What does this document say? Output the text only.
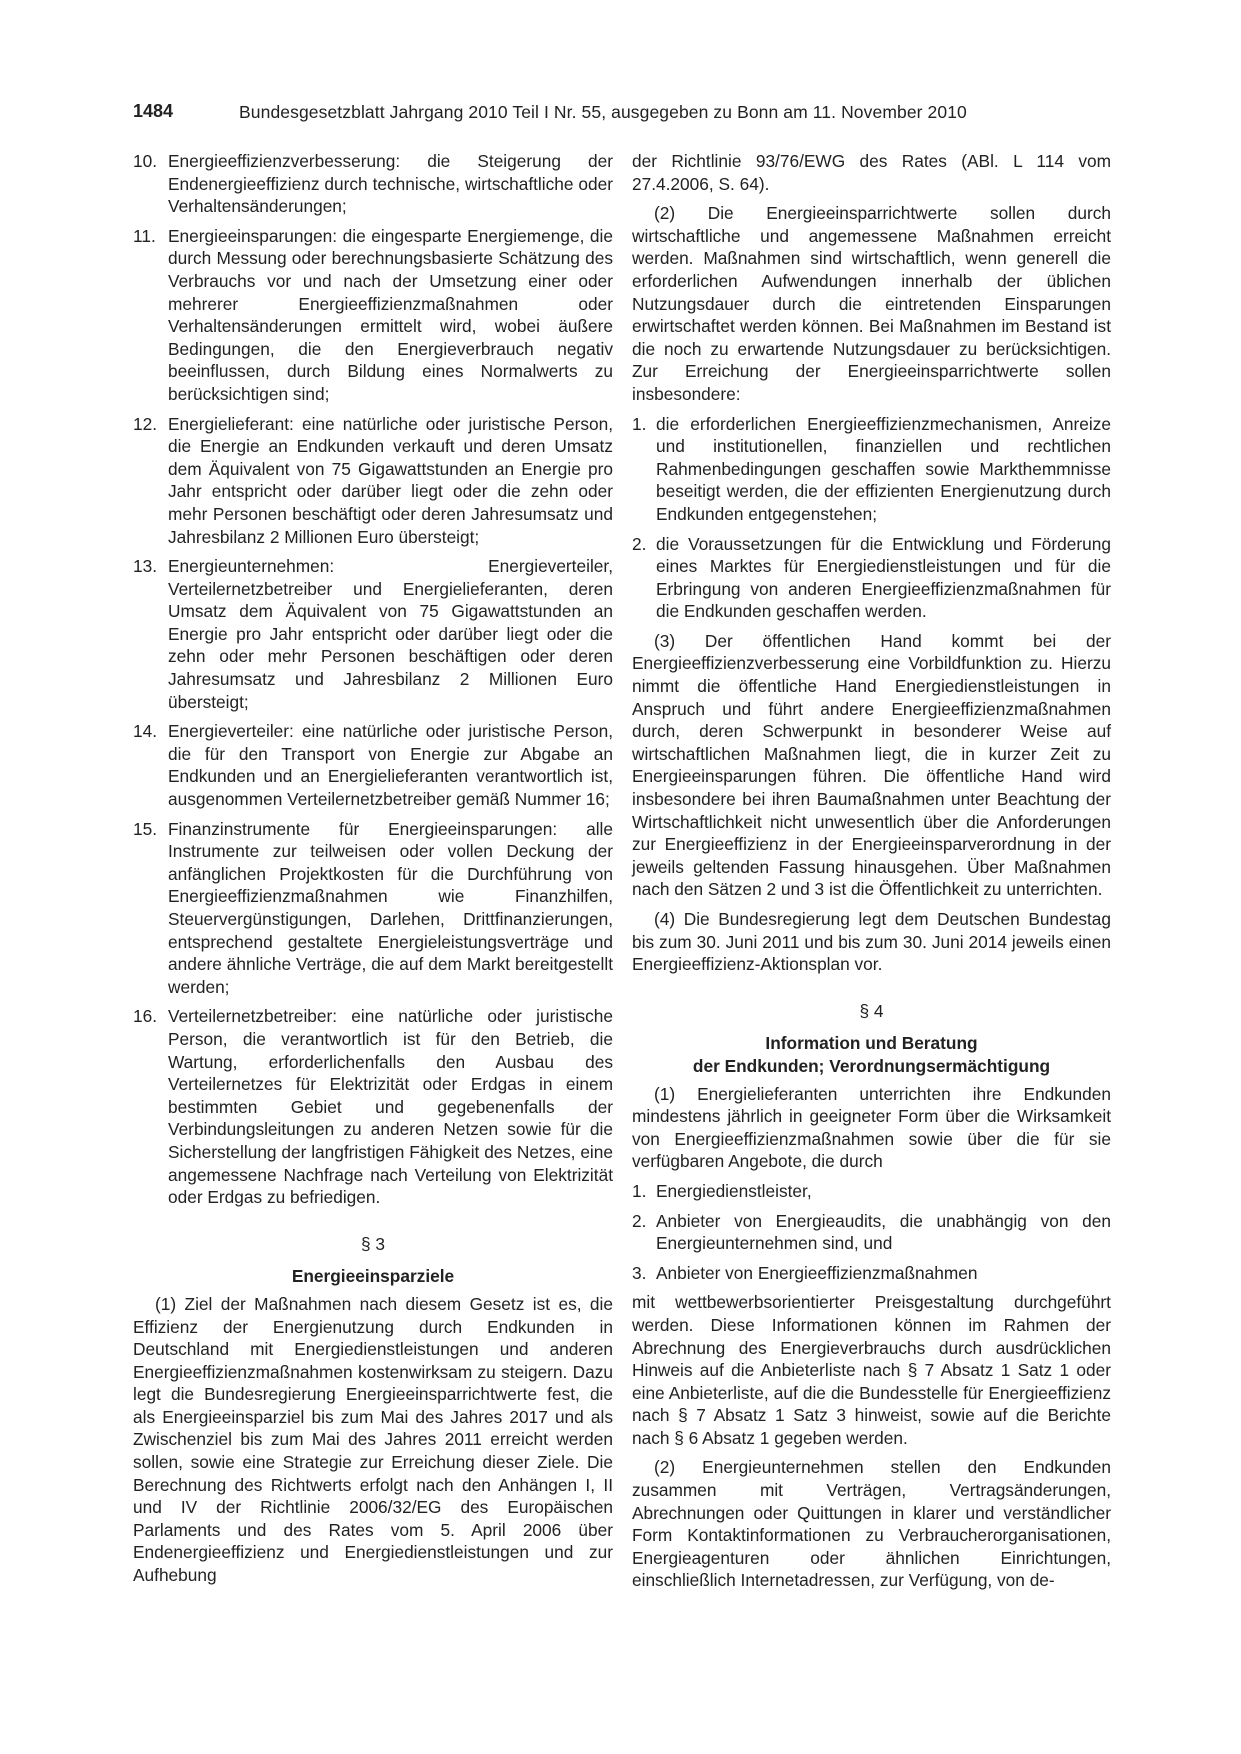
1484	Bundesgesetzblatt Jahrgang 2010 Teil I Nr. 55, ausgegeben zu Bonn am 11. November 2010
10. Energieeffizienzverbesserung: die Steigerung der Endenergieeffizienz durch technische, wirtschaftliche oder Verhaltensänderungen;
11. Energieeinsparungen: die eingesparte Energiemenge, die durch Messung oder berechnungsbasierte Schätzung des Verbrauchs vor und nach der Umsetzung einer oder mehrerer Energieeffizienzmaßnahmen oder Verhaltensänderungen ermittelt wird, wobei äußere Bedingungen, die den Energieverbrauch negativ beeinflussen, durch Bildung eines Normalwerts zu berücksichtigen sind;
12. Energielieferant: eine natürliche oder juristische Person, die Energie an Endkunden verkauft und deren Umsatz dem Äquivalent von 75 Gigawattstunden an Energie pro Jahr entspricht oder darüber liegt oder die zehn oder mehr Personen beschäftigt oder deren Jahresumsatz und Jahresbilanz 2 Millionen Euro übersteigt;
13. Energieunternehmen: Energieverteiler, Verteilernetzbetreiber und Energielieferanten, deren Umsatz dem Äquivalent von 75 Gigawattstunden an Energie pro Jahr entspricht oder darüber liegt oder die zehn oder mehr Personen beschäftigen oder deren Jahresumsatz und Jahresbilanz 2 Millionen Euro übersteigt;
14. Energieverteiler: eine natürliche oder juristische Person, die für den Transport von Energie zur Abgabe an Endkunden und an Energielieferanten verantwortlich ist, ausgenommen Verteilernetzbetreiber gemäß Nummer 16;
15. Finanzinstrumente für Energieeinsparungen: alle Instrumente zur teilweisen oder vollen Deckung der anfänglichen Projektkosten für die Durchführung von Energieeffizienzmaßnahmen wie Finanzhilfen, Steuervergünstigungen, Darlehen, Drittfinanzierungen, entsprechend gestaltete Energieleistungsverträge und andere ähnliche Verträge, die auf dem Markt bereitgestellt werden;
16. Verteilernetzbetreiber: eine natürliche oder juristische Person, die verantwortlich ist für den Betrieb, die Wartung, erforderlichenfalls den Ausbau des Verteilernetzes für Elektrizität oder Erdgas in einem bestimmten Gebiet und gegebenenfalls der Verbindungsleitungen zu anderen Netzen sowie für die Sicherstellung der langfristigen Fähigkeit des Netzes, eine angemessene Nachfrage nach Verteilung von Elektrizität oder Erdgas zu befriedigen.
§ 3
Energieeinsparziele

(1) Ziel der Maßnahmen nach diesem Gesetz ist es, die Effizienz der Energienutzung durch Endkunden in Deutschland mit Energiedienstleistungen und anderen Energieeffizienzmaßnahmen kostenwirksam zu steigern. Dazu legt die Bundesregierung Energieeinsparrichtwerte fest, die als Energieeinsparziel bis zum Mai des Jahres 2017 und als Zwischenziel bis zum Mai des Jahres 2011 erreicht werden sollen, sowie eine Strategie zur Erreichung dieser Ziele. Die Berechnung des Richtwerts erfolgt nach den Anhängen I, II und IV der Richtlinie 2006/32/EG des Europäischen Parlaments und des Rates vom 5. April 2006 über Endenergieeffizienz und Energiedienstleistungen und zur Aufhebung

der Richtlinie 93/76/EWG des Rates (ABl. L 114 vom 27.4.2006, S. 64).

(2) Die Energieeinsparrichtwerte sollen durch wirtschaftliche und angemessene Maßnahmen erreicht werden. Maßnahmen sind wirtschaftlich, wenn generell die erforderlichen Aufwendungen innerhalb der üblichen Nutzungsdauer durch die eintretenden Einsparungen erwirtschaftet werden können. Bei Maßnahmen im Bestand ist die noch zu erwartende Nutzungsdauer zu berücksichtigen. Zur Erreichung der Energieeinsparrichtwerte sollen insbesondere:

1. die erforderlichen Energieeffizienzmechanismen, Anreize und institutionellen, finanziellen und rechtlichen Rahmenbedingungen geschaffen sowie Markthemmnisse beseitigt werden, die der effizienten Energienutzung durch Endkunden entgegenstehen;
2. die Voraussetzungen für die Entwicklung und Förderung eines Marktes für Energiedienstleistungen und für die Erbringung von anderen Energieeffizienzmaßnahmen für die Endkunden geschaffen werden.

(3) Der öffentlichen Hand kommt bei der Energieeffizienzverbesserung eine Vorbildfunktion zu. Hierzu nimmt die öffentliche Hand Energiedienstleistungen in Anspruch und führt andere Energieeffizienzmaßnahmen durch, deren Schwerpunkt in besonderer Weise auf wirtschaftlichen Maßnahmen liegt, die in kurzer Zeit zu Energieeinsparungen führen. Die öffentliche Hand wird insbesondere bei ihren Baumaßnahmen unter Beachtung der Wirtschaftlichkeit nicht unwesentlich über die Anforderungen zur Energieeffizienz in der Energieeinsparverordnung in der jeweils geltenden Fassung hinausgehen. Über Maßnahmen nach den Sätzen 2 und 3 ist die Öffentlichkeit zu unterrichten.

(4) Die Bundesregierung legt dem Deutschen Bundestag bis zum 30. Juni 2011 und bis zum 30. Juni 2014 jeweils einen Energieeffizienz-Aktionsplan vor.

§ 4
Information und Beratung
der Endkunden; Verordnungsermächtigung

(1) Energielieferanten unterrichten ihre Endkunden mindestens jährlich in geeigneter Form über die Wirksamkeit von Energieeffizienzmaßnahmen sowie über die für sie verfügbaren Angebote, die durch

1. Energiedienstleister,
2. Anbieter von Energieaudits, die unabhängig von den Energieunternehmen sind, und
3. Anbieter von Energieeffizienzmaßnahmen

mit wettbewerbsorientierter Preisgestaltung durchgeführt werden. Diese Informationen können im Rahmen der Abrechnung des Energieverbrauchs durch ausdrücklichen Hinweis auf die Anbieterliste nach § 7 Absatz 1 Satz 1 oder eine Anbieterliste, auf die die Bundesstelle für Energieeffizienz nach § 7 Absatz 1 Satz 3 hinweist, sowie auf die Berichte nach § 6 Absatz 1 gegeben werden.

(2) Energieunternehmen stellen den Endkunden zusammen mit Verträgen, Vertragsänderungen, Abrechnungen oder Quittungen in klarer und verständlicher Form Kontaktinformationen zu Verbraucherorganisationen, Energieagenturen oder ähnlichen Einrichtungen, einschließlich Internetadressen, zur Verfügung, von de-
